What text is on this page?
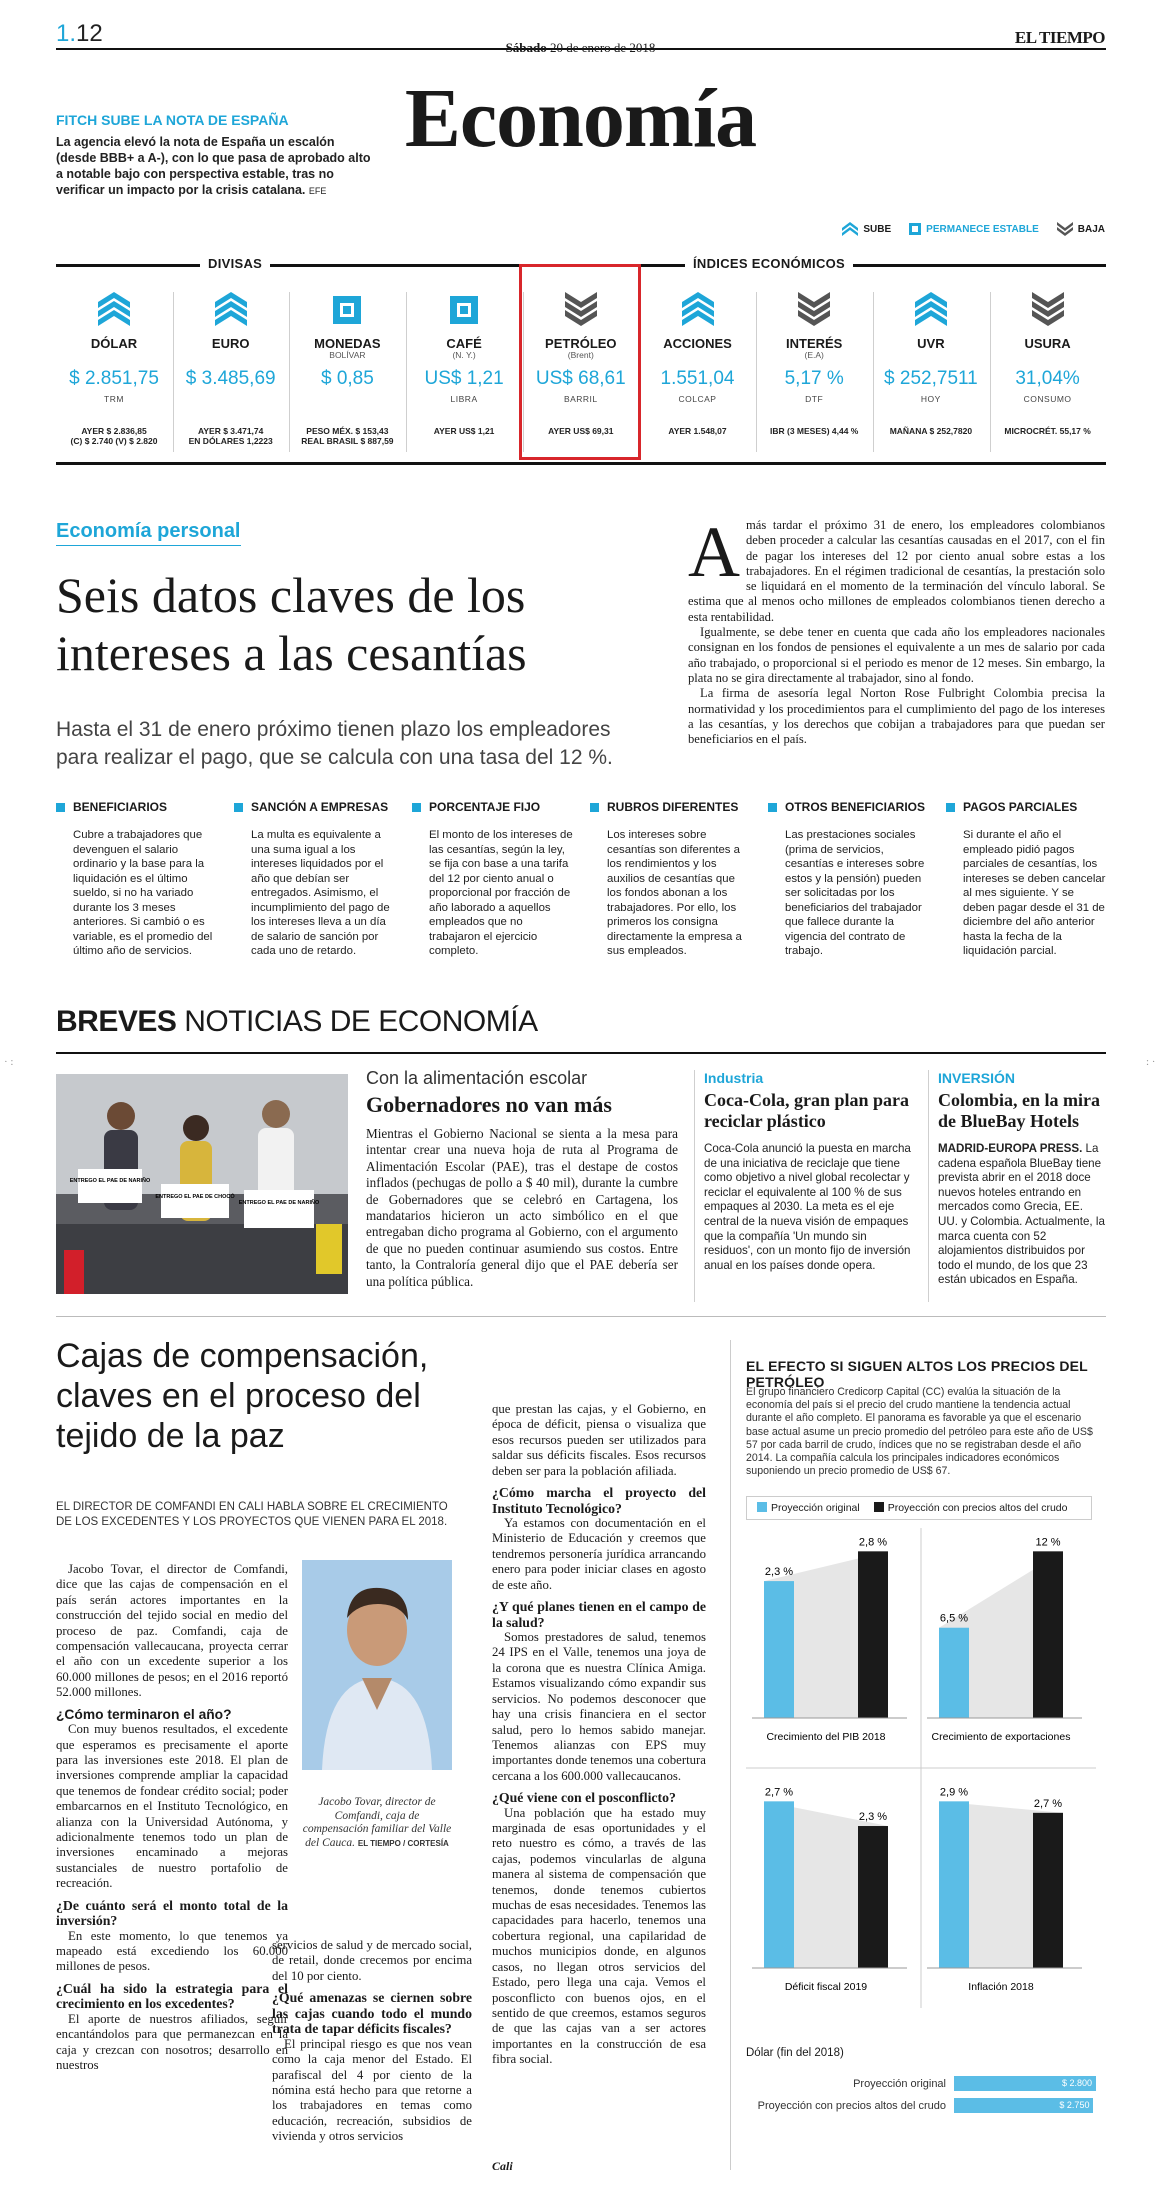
1.12
Sábado 20 de enero de 2018
EL TIEMPO
Economía
FITCH SUBE LA NOTA DE ESPAÑA
La agencia elevó la nota de España un escalón (desde BBB+ a A-), con lo que pasa de aprobado alto a notable bajo con perspectiva estable, tras no verificar un impacto por la crisis catalana. EFE
SUBE	PERMANECE ESTABLE	BAJA
DIVISAS	ÍNDICES ECONÓMICOS
DÓLAR
$ 2.851,75
TRM
AYER $ 2.836,85
(C) $ 2.740 (V) $ 2.820
EURO
$ 3.485,69
AYER $ 3.471,74
EN DÓLARES 1,2223
MONEDAS
BOLÍVAR
$ 0,85
PESO MÉX. $ 153,43
REAL BRASIL $ 887,59
CAFÉ
(N. Y.)
US$ 1,21
LIBRA
AYER US$ 1,21
PETRÓLEO
(Brent)
US$ 68,61
BARRIL
AYER US$ 69,31
ACCIONES
1.551,04
COLCAP
AYER 1.548,07
INTERÉS
(E.A)
5,17 %
DTF
IBR (3 MESES) 4,44 %
UVR
$ 252,7511
HOY
MAÑANA $ 252,7820
USURA
31,04%
CONSUMO
MICROCRÉT. 55,17 %
Economía personal
Seis datos claves de los intereses a las cesantías
Hasta el 31 de enero próximo tienen plazo los empleadores para realizar el pago, que se calcula con una tasa del 12 %.
A más tardar el próximo 31 de enero, los empleadores colombianos deben proceder a calcular las cesantías causadas en el 2017, con el fin de pagar los intereses del 12 por ciento anual sobre estas a los trabajadores. En el régimen tradicional de cesantías, la prestación solo se liquidará en el momento de la terminación del vínculo laboral. Se estima que al menos ocho millones de empleados colombianos tienen derecho a esta rentabilidad.

Igualmente, se debe tener en cuenta que cada año los empleadores nacionales consignan en los fondos de pensiones el equivalente a un mes de salario por cada año trabajado, o proporcional si el periodo es menor de 12 meses. Sin embargo, la plata no se gira directamente al trabajador, sino al fondo.

La firma de asesoría legal Norton Rose Fulbright Colombia precisa la normatividad y los procedimientos para el cumplimiento del pago de los intereses a las cesantías, y los derechos que cobijan a trabajadores para que puedan ser beneficiarios en el país.

BENEFICIARIOS
Cubre a trabajadores que devenguen el salario ordinario y la base para la liquidación es el último sueldo, si no ha variado durante los 3 meses anteriores. Si cambió o es variable, es el promedio del último año de servicios.
SANCIÓN A EMPRESAS
La multa es equivalente a una suma igual a los intereses liquidados por el año que debían ser entregados. Asimismo, el incumplimiento del pago de los intereses lleva a un día de salario de sanción por cada uno de retardo.
PORCENTAJE FIJO
El monto de los intereses de las cesantías, según la ley, se fija con base a una tarifa del 12 por ciento anual o proporcional por fracción de año laborado a aquellos empleados que no trabajaron el ejercicio completo.
RUBROS DIFERENTES
Los intereses sobre cesantías son diferentes a los rendimientos y los auxilios de cesantías que los fondos abonan a los trabajadores. Por ello, los primeros los consigna directamente la empresa a sus empleados.
OTROS BENEFICIARIOS
Las prestaciones sociales (prima de servicios, cesantías e intereses sobre estos y la pensión) pueden ser solicitadas por los beneficiarios del trabajador que fallece durante la vigencia del contrato de trabajo.
PAGOS PARCIALES
Si durante el año el empleado pidió pagos parciales de cesantías, los intereses se deben cancelar al mes siguiente. Y se deben pagar desde el 31 de diciembre del año anterior hasta la fecha de la liquidación parcial.
BREVES NOTICIAS DE ECONOMÍA
ENTREGO EL PAE DE NARIÑO
ENTREGO EL PAE DE CHOCÓ
ENTREGO EL PAE DE NARIÑO
Con la alimentación escolar
Gobernadores no van más
Mientras el Gobierno Nacional se sienta a la mesa para intentar crear una nueva hoja de ruta al Programa de Alimentación Escolar (PAE), tras el destape de costos inflados (pechugas de pollo a $ 40 mil), durante la cumbre de Gobernadores que se celebró en Cartagena, los mandatarios hicieron un acto simbólico en el que entregaban dicho programa al Gobierno, con el argumento de que no pueden continuar asumiendo sus costos. Entre tanto, la Contraloría general dijo que el PAE debería ser una política pública.
Industria
Coca-Cola, gran plan para reciclar plástico
Coca-Cola anunció la puesta en marcha de una iniciativa de reciclaje que tiene como objetivo a nivel global recolectar y reciclar el equivalente al 100 % de sus empaques al 2030. La meta es el eje central de la nueva visión de empaques que la compañía 'Un mundo sin residuos', con un monto fijo de inversión anual en los países donde opera.
INVERSIÓN
Colombia, en la mira de BlueBay Hotels
MADRID-EUROPA PRESS. La cadena española BlueBay tiene prevista abrir en el 2018 doce nuevos hoteles entrando en mercados como Grecia, EE. UU. y Colombia. Actualmente, la marca cuenta con 52 alojamientos distribuidos por todo el mundo, de los que 23 están ubicados en España.
Cajas de compensación, claves en el proceso del tejido de la paz
EL DIRECTOR DE COMFANDI EN CALI HABLA SOBRE EL CRECIMIENTO DE LOS EXCEDENTES Y LOS PROYECTOS QUE VIENEN PARA EL 2018.

Jacobo Tovar, el director de Comfandi, dice que las cajas de compensación en el país serán actores importantes en la construcción del tejido social en medio del proceso de paz. Comfandi, caja de compensación vallecaucana, proyecta cerrar el año con un excedente superior a los 60.000 millones de pesos; en el 2016 reportó 52.000 millones.

¿Cómo terminaron el año?

Con muy buenos resultados, el excedente que esperamos es precisamente el aporte para las inversiones este 2018. El plan de inversiones comprende ampliar la capacidad que tenemos de fondear crédito social; poder embarcarnos en el Instituto Tecnológico, en alianza con la Universidad Autónoma, y adicionalmente tenemos todo un plan de inversiones encaminado a mejoras sustanciales de nuestro portafolio de recreación.

¿De cuánto será el monto total de la inversión?

En este momento, lo que tenemos ya mapeado está excediendo los 60.000 millones de pesos.

¿Cuál ha sido la estrategia para el crecimiento en los excedentes?

El aporte de nuestros afiliados, seguir encantándolos para que permanezcan en la caja y crezcan con nosotros; desarrollo en nuestros

Jacobo Tovar, director de Comfandi, caja de compensación familiar del Valle del Cauca. EL TIEMPO / CORTESÍA

servicios de salud y de mercado social, de retail, donde crecemos por encima del 10 por ciento.

¿Qué amenazas se ciernen sobre las cajas cuando todo el mundo trata de tapar déficits fiscales?

El principal riesgo es que nos vean como la caja menor del Estado. El parafiscal del 4 por ciento de la nómina está hecho para que retorne a los trabajadores en temas como educación, recreación, subsidios de vivienda y otros servicios

que prestan las cajas, y el Gobierno, en época de déficit, piensa o visualiza que esos recursos pueden ser utilizados para saldar sus déficits fiscales. Esos recursos deben ser para la población afiliada.

¿Cómo marcha el proyecto del Instituto Tecnológico?

Ya estamos con documentación en el Ministerio de Educación y creemos que tendremos personería jurídica arrancando enero para poder iniciar clases en agosto de este año.

¿Y qué planes tienen en el campo de la salud?

Somos prestadores de salud, tenemos 24 IPS en el Valle, tenemos una joya de la corona que es nuestra Clínica Amiga. Estamos visualizando cómo expandir sus servicios. No podemos desconocer que hay una crisis financiera en el sector salud, pero lo hemos sabido manejar. Tenemos alianzas con EPS muy importantes donde tenemos una cobertura cercana a los 600.000 vallecaucanos.

¿Qué viene con el posconflicto?

Una población que ha estado muy marginada de esas oportunidades y el reto nuestro es cómo, a través de las cajas, podemos vincularlas de alguna manera al sistema de compensación que tenemos, donde tenemos cubiertos muchas de esas necesidades. Tenemos las capacidades para hacerlo, tenemos una cobertura regional, una capilaridad de muchos municipios donde, en algunos casos, no llegan otros servicios del Estado, pero llega una caja. Vemos el posconflicto con buenos ojos, en el sentido de que creemos, estamos seguros de que las cajas van a ser actores importantes en la construcción de esa fibra social.

Cali
EL EFECTO SI SIGUEN ALTOS LOS PRECIOS DEL PETRÓLEO
El grupo financiero Credicorp Capital (CC) evalúa la situación de la economía del país si el precio del crudo mantiene la tendencia actual durante el año completo. El panorama es favorable ya que el escenario base actual asume un precio promedio del petróleo para este año de US$ 57 por cada barril de crudo, índices que no se registraban desde el año 2014. La compañía calcula los principales indicadores económicos suponiendo un precio promedio de US$ 67.
Proyección original	Proyección con precios altos del crudo
2,3 %
2,8 %
Crecimiento del PIB 2018
6,5 %
12 %
Crecimiento de exportaciones
2,7 %
2,3 %
Déficit fiscal 2019
2,9 %
2,7 %
Inflación 2018
Dólar (fin del 2018)
Proyección original	$ 2.800
Proyección con precios altos del crudo	$ 2.750
· :	: ·
